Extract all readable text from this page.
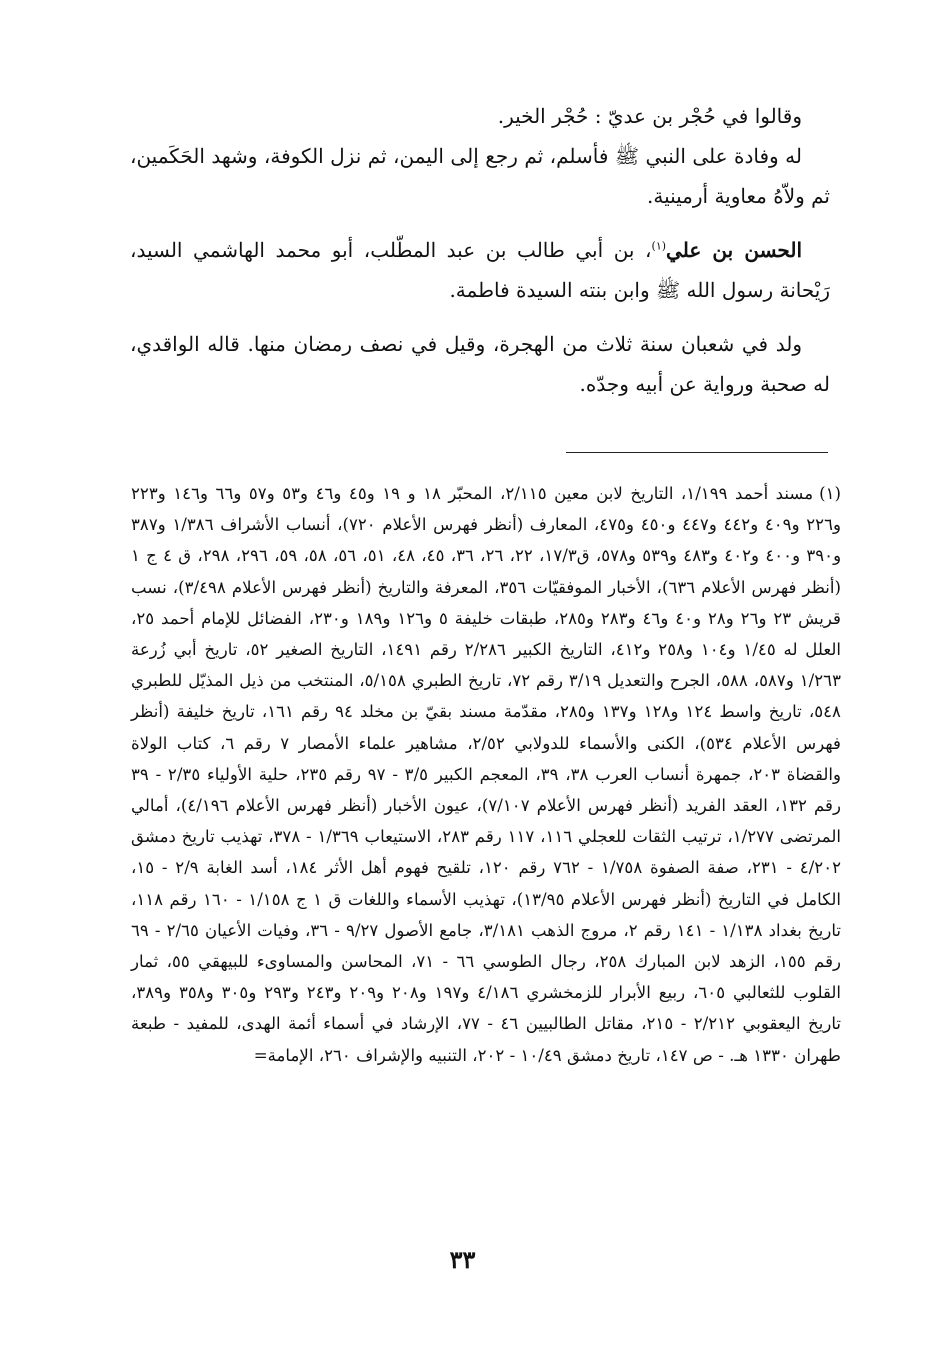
وقالوا في حُجْر بن عديّ : حُجْر الخير.

له وفادة على النبي ﷺ فأسلم، ثم رجع إلى اليمن، ثم نزل الكوفة، وشهد الحَكَمين، ثم ولاّهُ معاوية أرمينية.

الحسن بن علي$^{(١)}$، بن أبي طالب بن عبد المطّلب، أبو محمد الهاشمي السيد، رَيْحانة رسول الله ﷺ وابن بنته السيدة فاطمة.

ولد في شعبان سنة ثلاث من الهجرة، وقيل في نصف رمضان منها. قاله الواقدي، له صحبة ورواية عن أبيه وجدّه.

(١)مسند أحمد ١/١٩٩، التاريخ لابن معين ٢/١١٥، المحبّر ١٨ و ١٩ و٤٥ و٤٦ و٥٣ و٥٧ و٦٦ و١٤٦ و٢٢٣ و٢٢٦ و٤٠٩ و٤٤٢ و٤٤٧ و٤٥٠ و٤٧٥، المعارف (أنظر فهرس الأعلام ٧٢٠)، أنساب الأشراف ١/٣٨٦ و٣٨٧ و٣٩٠ و٤٠٠ و٤٠٢ و٤٨٣ و٥٣٩ و٥٧٨، ق١٧/٣، ٢٢، ٢٦، ٣٦، ٤٥، ٤٨، ٥١، ٥٦، ٥٨، ٥٩، ٢٩٦، ٢٩٨، ق ٤ ج ١ (أنظر فهرس الأعلام ٦٣٦)، الأخبار الموفقيّات ٣٥٦، المعرفة والتاريخ (أنظر فهرس الأعلام ٣/٤٩٨)، نسب قريش ٢٣ و٢٦ و٢٨ و٤٠ و٤٦ و٢٨٣ و٢٨٥، طبقات خليفة ٥ و١٢٦ و١٨٩ و٢٣٠، الفضائل للإمام أحمد ٢٥، العلل له ١/٤٥ و١٠٤ و٢٥٨ و٤١٢، التاريخ الكبير ٢/٢٨٦ رقم ١٤٩١، التاريخ الصغير ٥٢، تاريخ أبي زُرعة ١/٢٦٣ و٥٨٧، ٥٨٨، الجرح والتعديل ٣/١٩ رقم ٧٢، تاريخ الطبري ٥/١٥٨، المنتخب من ذيل المذيّل للطبري ٥٤٨، تاريخ واسط ١٢٤ و١٢٨ و١٣٧ و٢٨٥، مقدّمة مسند بقيّ بن مخلد ٩٤ رقم ١٦١، تاريخ خليفة (أنظر فهرس الأعلام ٥٣٤)، الكنى والأسماء للدولابي ٢/٥٢، مشاهير علماء الأمصار ٧ رقم ٦، كتاب الولاة والقضاة ٢٠٣، جمهرة أنساب العرب ٣٨، ٣٩، المعجم الكبير ٣/٥ - ٩٧ رقم ٢٣٥، حلية الأولياء ٢/٣٥ - ٣٩ رقم ١٣٢، العقد الفريد (أنظر فهرس الأعلام ٧/١٠٧)، عيون الأخبار (أنظر فهرس الأعلام ٤/١٩٦)، أمالي المرتضى ١/٢٧٧، ترتيب الثقات للعجلي ١١٦، ١١٧ رقم ٢٨٣، الاستيعاب ١/٣٦٩ - ٣٧٨، تهذيب تاريخ دمشق ٤/٢٠٢ - ٢٣١، صفة الصفوة ١/٧٥٨ - ٧٦٢ رقم ١٢٠، تلقيح فهوم أهل الأثر ١٨٤، أسد الغابة ٢/٩ - ١٥، الكامل في التاريخ (أنظر فهرس الأعلام ١٣/٩٥)، تهذيب الأسماء واللغات ق ١ ج ١/١٥٨ - ١٦٠ رقم ١١٨، تاريخ بغداد ١/١٣٨ - ١٤١ رقم ٢، مروج الذهب ٣/١٨١، جامع الأصول ٩/٢٧ - ٣٦، وفيات الأعيان ٢/٦٥ - ٦٩ رقم ١٥٥، الزهد لابن المبارك ٢٥٨، رجال الطوسي ٦٦ - ٧١، المحاسن والمساوىء للبيهقي ٥٥، ثمار القلوب للثعالبي ٦٠٥، ربيع الأبرار للزمخشري ٤/١٨٦ و١٩٧ و٢٠٨ و٢٠٩ و٢٤٣ و٢٩٣ و٣٠٥ و٣٥٨ و٣٨٩، تاريخ اليعقوبي ٢/٢١٢ - ٢١٥، مقاتل الطالبيين ٤٦ - ٧٧، الإرشاد في أسماء أئمة الهدى، للمفيد - طبعة طهران ١٣٣٠ هـ. - ص ١٤٧، تاريخ دمشق ١٠/٤٩ - ٢٠٢، التنبيه والإشراف ٢٦٠، الإمامة=
٣٣
